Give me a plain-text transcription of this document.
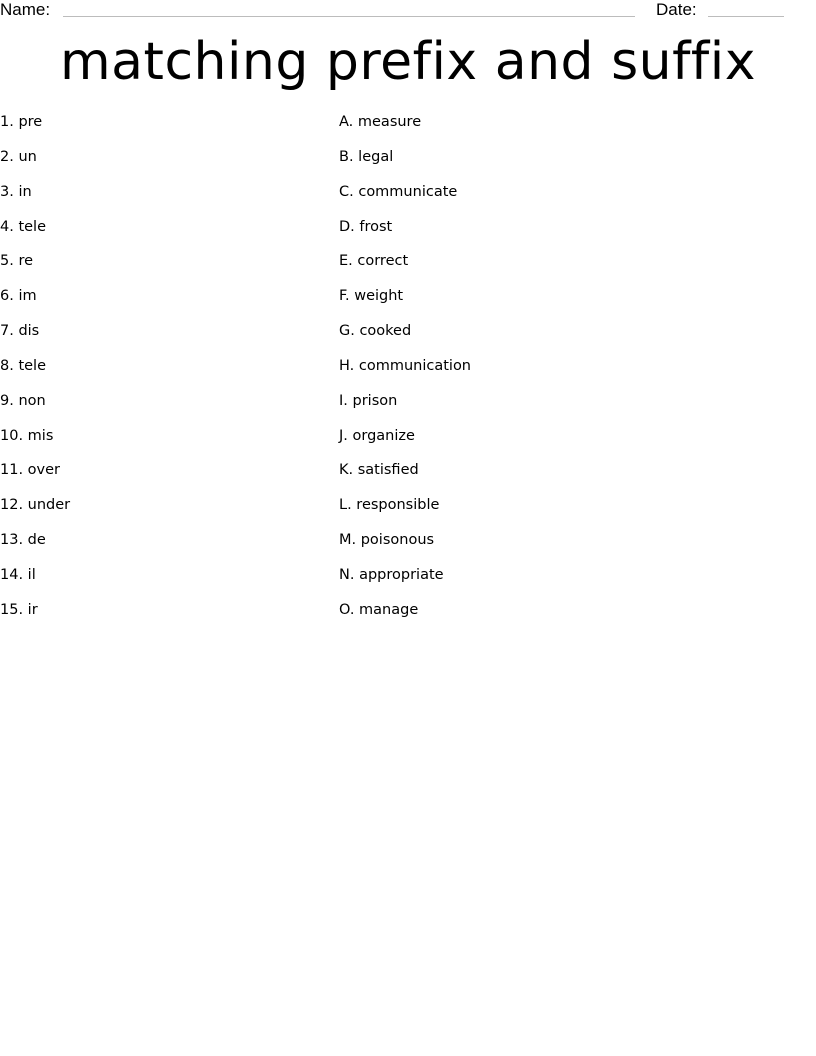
Name:	Date:
matching prefix and suffix
1. pre
2. un
3. in
4. tele
5. re
6. im
7. dis
8. tele
9. non
10. mis
11. over
12. under
13. de
14. il
15. ir
A. measure
B. legal
C. communicate
D. frost
E. correct
F. weight
G. cooked
H. communication
I. prison
J. organize
K. satisfied
L. responsible
M. poisonous
N. appropriate
O. manage
